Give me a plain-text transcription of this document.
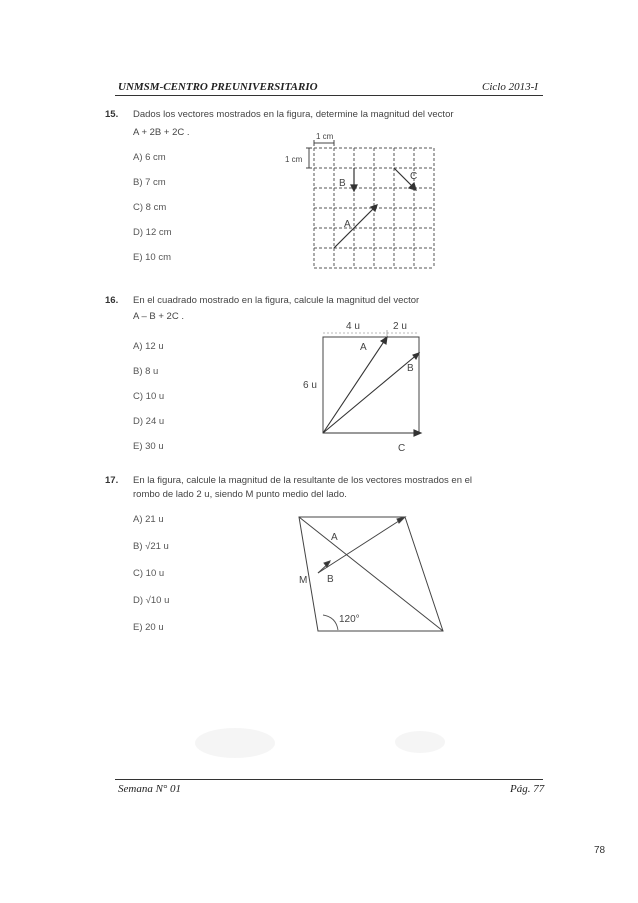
UNMSM-CENTRO PREUNIVERSITARIO	Ciclo 2013-I
15. Dados los vectores mostrados en la figura, determine la magnitud del vector
A + 2B + 2C .
A) 6 cm
B) 7 cm
C) 8 cm
D) 12 cm
E) 10 cm
1 cm
1 cm
B
C
A
16. En el cuadrado mostrado en la figura, calcule la magnitud del vector
A – B + 2C .
A) 12 u
B) 8 u
C) 10 u
D) 24 u
E) 30 u
4 u	2 u
6 u
A
B
C
17. En la figura, calcule la magnitud de la resultante de los vectores mostrados en el
rombo de lado 2 u, siendo M punto medio del lado.
A) 21 u
B) √21 u
C) 10 u
D) √10 u
E) 20 u
A
B
M
120°
Semana N° 01	Pág. 77
78
